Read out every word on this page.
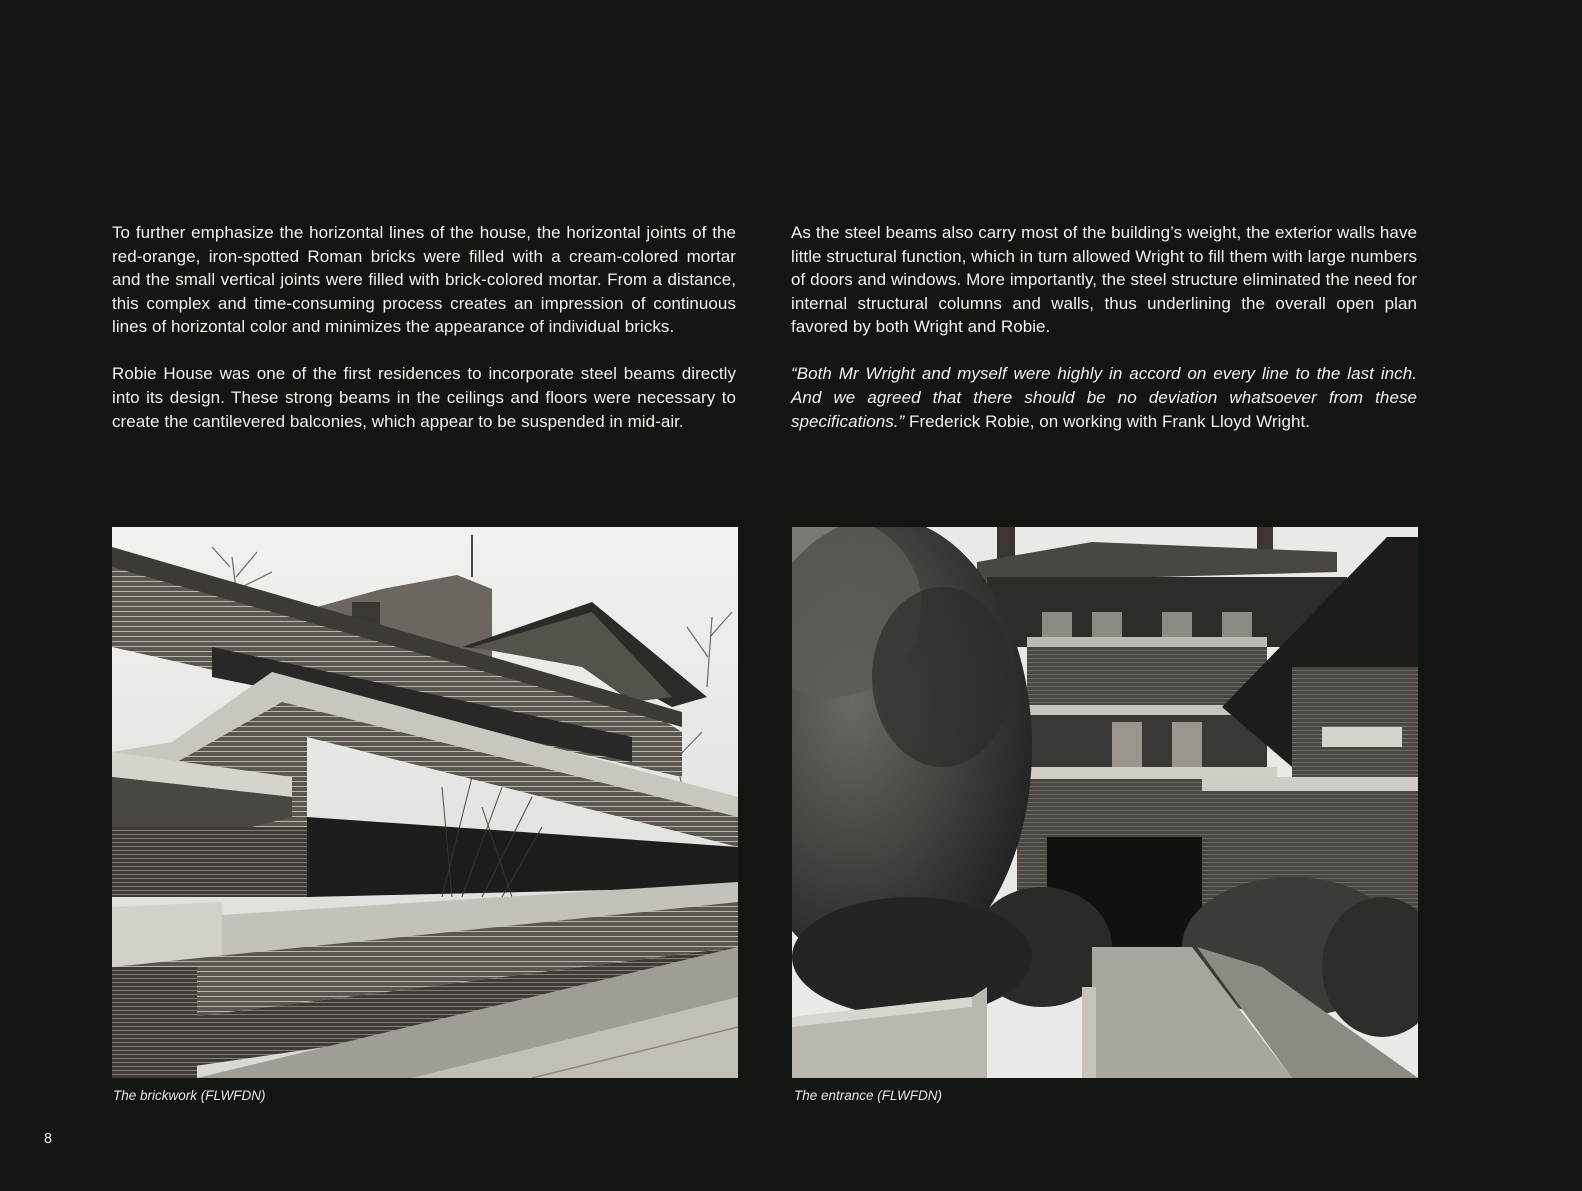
To further emphasize the horizontal lines of the house, the horizontal joints of the red-orange, iron-spotted Roman bricks were filled with a cream-colored mortar and the small vertical joints were filled with brick-colored mortar. From a distance, this complex and time-consuming process creates an impression of continuous lines of horizontal color and minimizes the appearance of individual bricks.

Robie House was one of the first residences to incorporate steel beams directly into its design. These strong beams in the ceilings and floors were necessary to create the cantilevered balconies, which appear to be suspended in mid-air.

As the steel beams also carry most of the building’s weight, the exterior walls have little structural function, which in turn allowed Wright to fill them with large numbers of doors and windows. More importantly, the steel structure eliminated the need for internal structural columns and walls, thus underlining the overall open plan favored by both Wright and Robie.

“Both Mr Wright and myself were highly in accord on every line to the last inch. And we agreed that there should be no deviation whatsoever from these specifications.” Frederick Robie, on working with Frank Lloyd Wright.

The brickwork (FLWFDN)	The entrance (FLWFDN)
8
